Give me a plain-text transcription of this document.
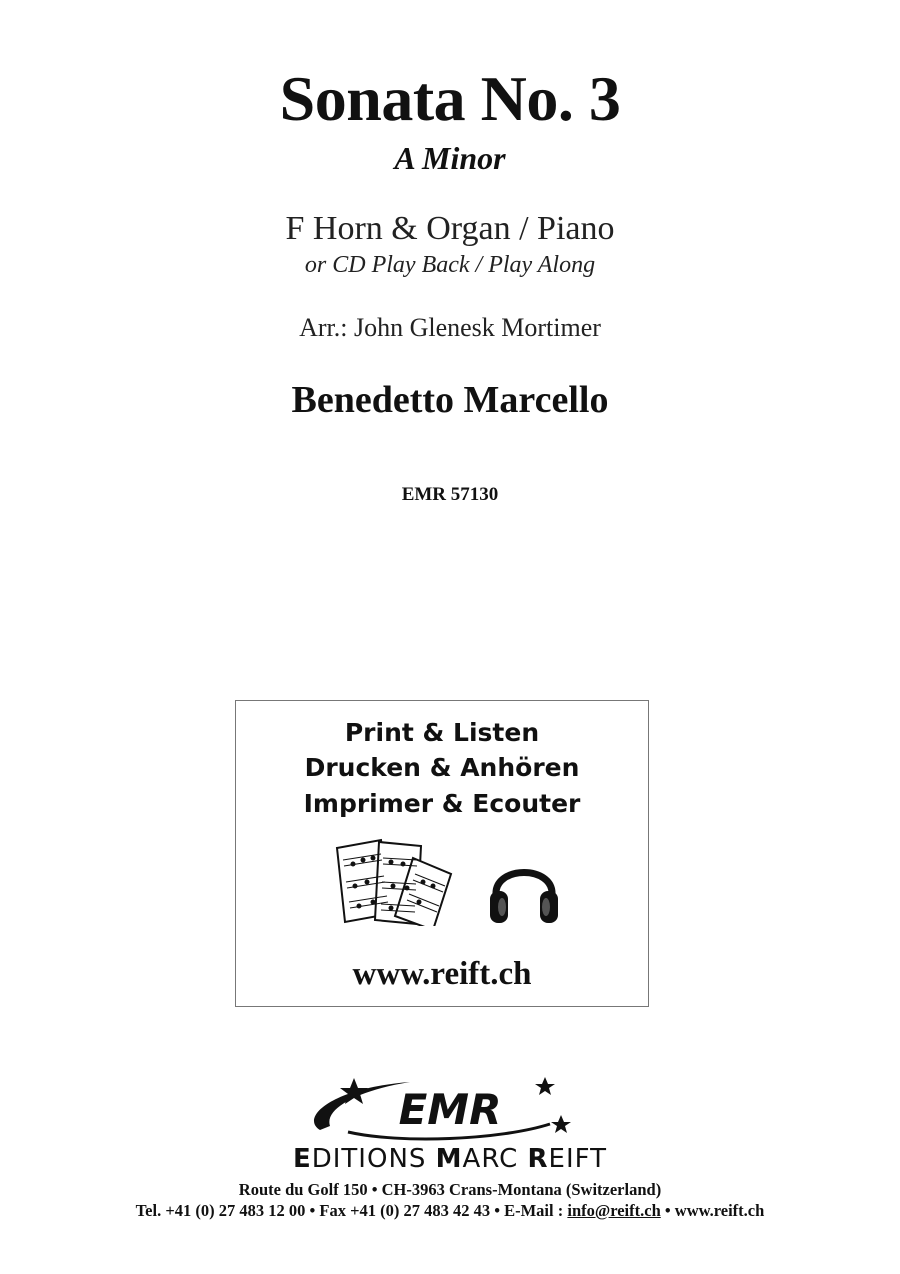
Sonata No. 3
A Minor
F Horn & Organ / Piano
or CD Play Back / Play Along
Arr.: John Glenesk Mortimer
Benedetto Marcello
EMR 57130
Print & Listen
Drucken & Anhören
Imprimer & Ecouter
www.reift.ch
EMR
EDITIONS MARC REIFT
Route du Golf 150 • CH-3963 Crans-Montana (Switzerland)
Tel. +41 (0) 27 483 12 00 • Fax +41 (0) 27 483 42 43 • E-Mail : info@reift.ch • www.reift.ch
